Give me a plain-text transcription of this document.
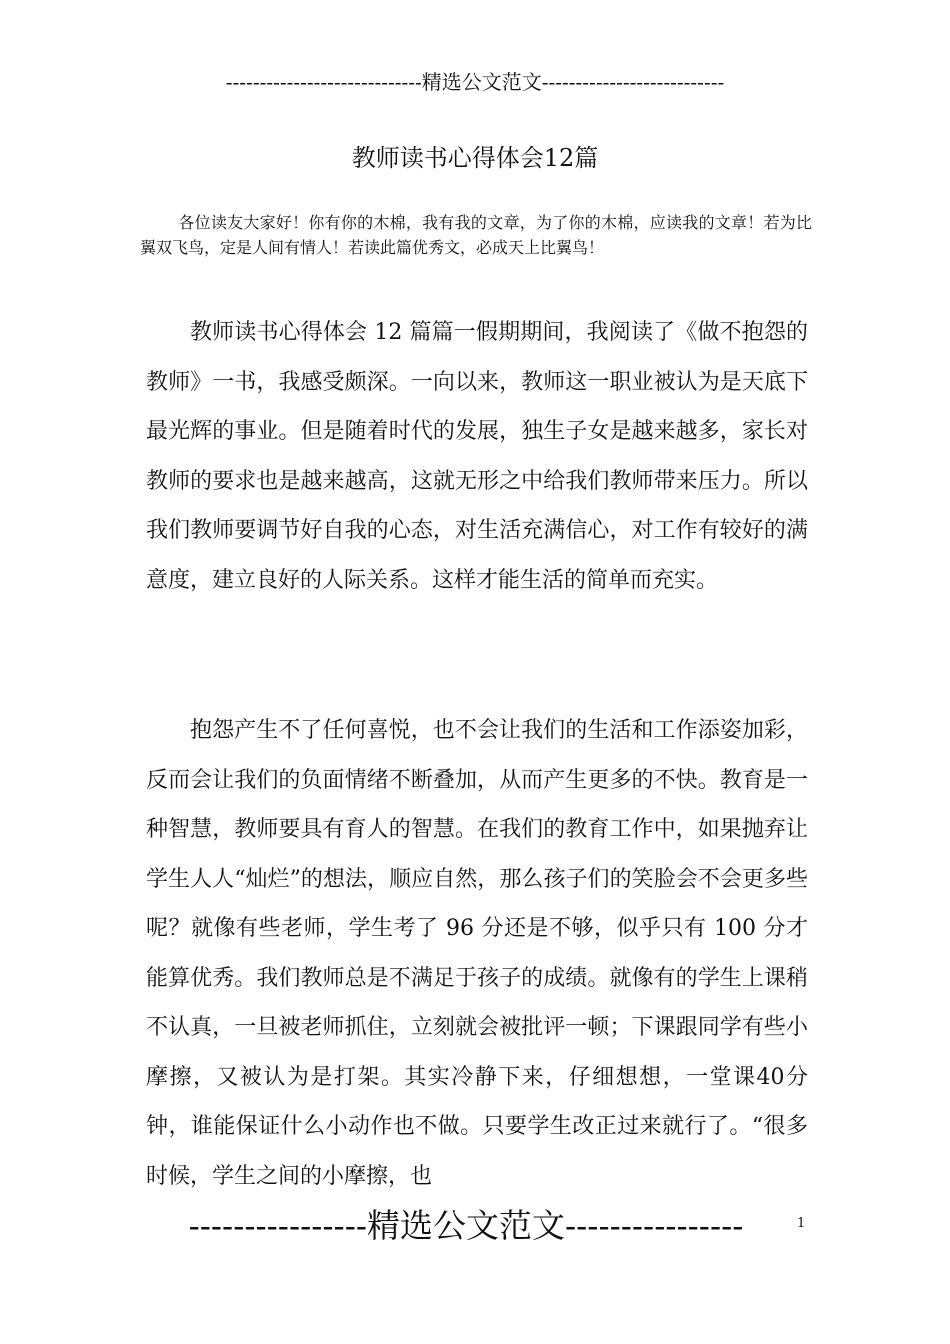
-----------------------------精选公文范文---------------------------
教师读书心得体会12篇
各位读友大家好！你有你的木棉，我有我的文章，为了你的木棉，应读我的文章！若为比翼双飞鸟，定是人间有情人！若读此篇优秀文，必成天上比翼鸟！
教师读书心得体会 12 篇篇一假期期间，我阅读了《做不抱怨的教师》一书，我感受颇深。一向以来，教师这一职业被认为是天底下最光辉的事业。但是随着时代的发展，独生子女是越来越多，家长对教师的要求也是越来越高，这就无形之中给我们教师带来压力。所以我们教师要调节好自我的心态，对生活充满信心，对工作有较好的满意度，建立良好的人际关系。这样才能生活的简单而充实。
抱怨产生不了任何喜悦，也不会让我们的生活和工作添姿加彩，反而会让我们的负面情绪不断叠加，从而产生更多的不快。教育是一种智慧，教师要具有育人的智慧。在我们的教育工作中，如果抛弃让学生人人“灿烂”的想法，顺应自然，那么孩子们的笑脸会不会更多些呢？就像有些老师，学生考了 96 分还是不够，似乎只有 100 分才能算优秀。我们教师总是不满足于孩子的成绩。就像有的学生上课稍不认真，一旦被老师抓住，立刻就会被批评一顿；下课跟同学有些小摩擦，又被认为是打架。其实冷静下来，仔细想想，一堂课40分钟，谁能保证什么小动作也不做。只要学生改正过来就行了。“很多时候，学生之间的小摩擦，也
----------------精选公文范文----------------	1
